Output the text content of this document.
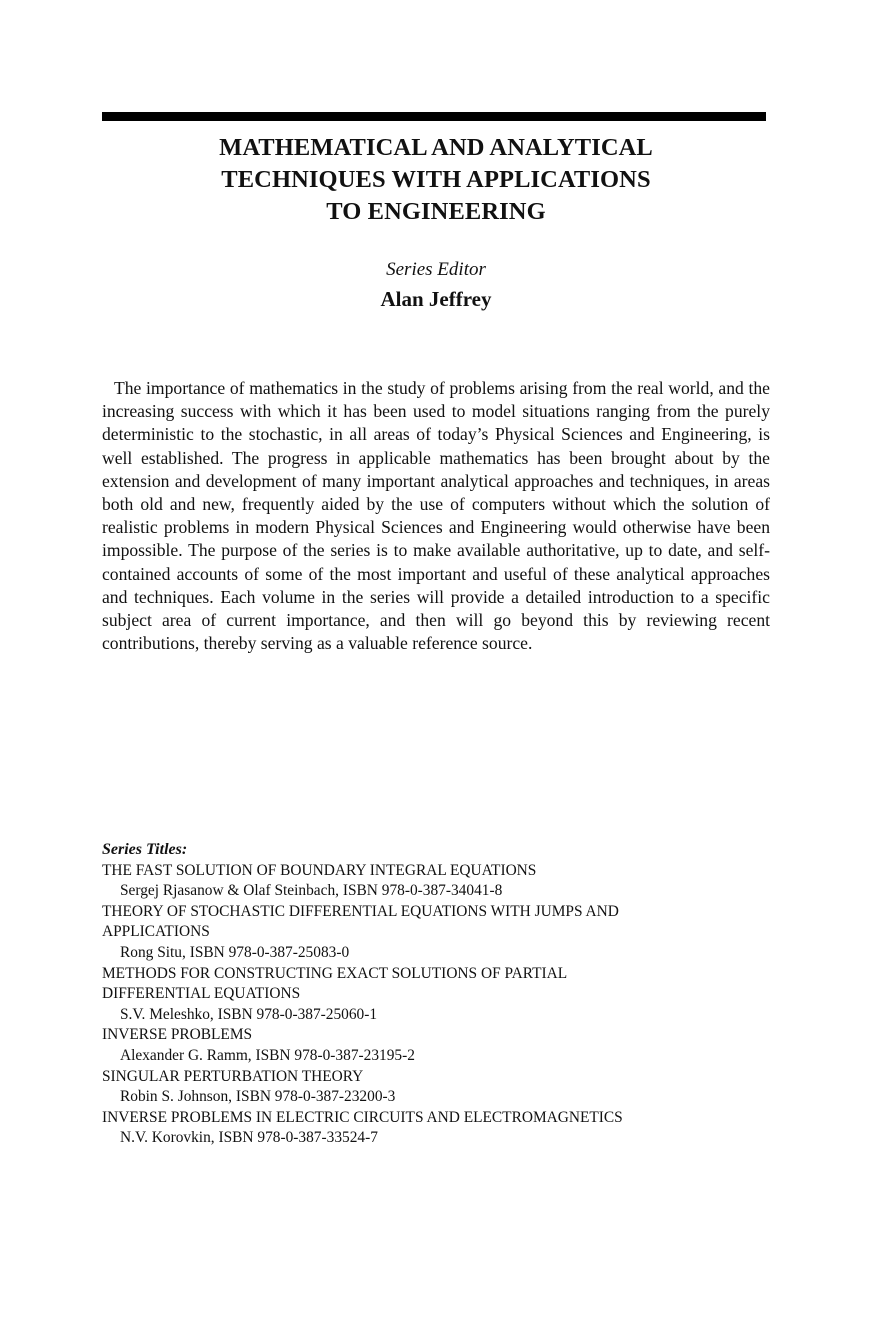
MATHEMATICAL AND ANALYTICAL
TECHNIQUES WITH APPLICATIONS
TO ENGINEERING
Series Editor
Alan Jeffrey

The importance of mathematics in the study of problems arising from the real world, and the increasing success with which it has been used to model situations ranging from the purely deterministic to the stochastic, in all areas of today’s Physical Sciences and Engineering, is well established. The progress in applicable mathematics has been brought about by the extension and development of many important analytical approaches and techniques, in areas both old and new, frequently aided by the use of computers without which the solution of realistic problems in modern Physical Sciences and Engineering would otherwise have been impossible. The purpose of the series is to make available authoritative, up to date, and self-contained accounts of some of the most important and useful of these analytical approaches and techniques. Each volume in the series will provide a detailed introduction to a specific subject area of current importance, and then will go beyond this by reviewing recent contributions, thereby serving as a valuable reference source.

Series Titles:
THE FAST SOLUTION OF BOUNDARY INTEGRAL EQUATIONS
Sergej Rjasanow & Olaf Steinbach, ISBN 978-0-387-34041-8
THEORY OF STOCHASTIC DIFFERENTIAL EQUATIONS WITH JUMPS AND
APPLICATIONS
Rong Situ, ISBN 978-0-387-25083-0
METHODS FOR CONSTRUCTING EXACT SOLUTIONS OF PARTIAL
DIFFERENTIAL EQUATIONS
S.V. Meleshko, ISBN 978-0-387-25060-1
INVERSE PROBLEMS
Alexander G. Ramm, ISBN 978-0-387-23195-2
SINGULAR PERTURBATION THEORY
Robin S. Johnson, ISBN 978-0-387-23200-3
INVERSE PROBLEMS IN ELECTRIC CIRCUITS AND ELECTROMAGNETICS
N.V. Korovkin, ISBN 978-0-387-33524-7
